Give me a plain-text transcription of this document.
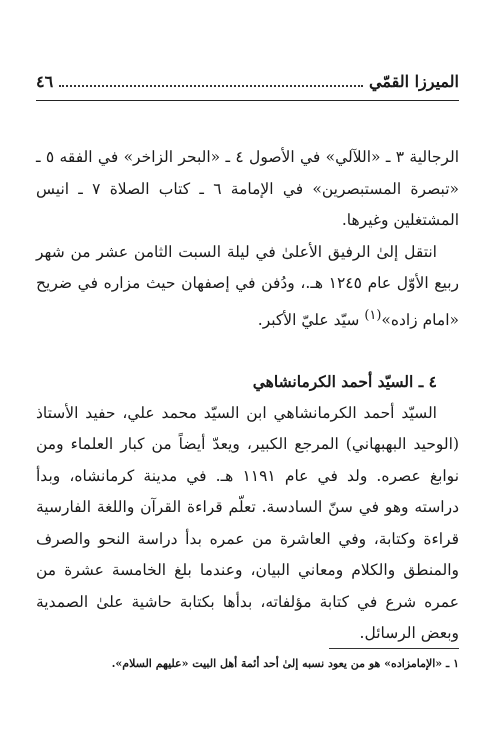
الميرزا القمّي
٤٦

الرجالية ٣ ـ «اللآلي» في الأصول ٤ ـ «البحر الزاخر» في الفقه ٥ ـ «تبصرة المستبصرين» في الإمامة ٦ ـ كتاب الصلاة ٧ ـ انيس المشتغلين وغيرها.

انتقل إلىٰ الرفيق الأعلىٰ في ليلة السبت الثامن عشر من شهر ربيع الأوّل عام ١٢٤٥ هـ.، ودُفن في إصفهان حيث مزاره في ضريح «امام زاده»$^{(١)}$ سيّد عليّ الأكبر.

٤ ـ السيّد أحمد الكرمانشاهي

السيّد أحمد الكرمانشاهي ابن السيّد محمد علي، حفيد الأستاذ (الوحيد البهبهاني) المرجع الكبير، ويعدّ أيضاً من كبار العلماء ومن نوابغ عصره. ولد في عام ١١٩١ هـ. في مدينة كرمانشاه، وبدأ دراسته وهو في سنّ السادسة. تعلّم قراءة القرآن واللغة الفارسية قراءة وكتابة، وفي العاشرة من عمره بدأ دراسة النحو والصرف والمنطق والكلام ومعاني البيان، وعندما بلغ الخامسة عشرة من عمره شرع في كتابة مؤلفاته، بدأها بكتابة حاشية علىٰ الصمدية وبعض الرسائل.

١ ـ «الإمامزاده» هو من يعود نسبه إلىٰ أحد أئمة أهل البيت «عليهم السلام».
